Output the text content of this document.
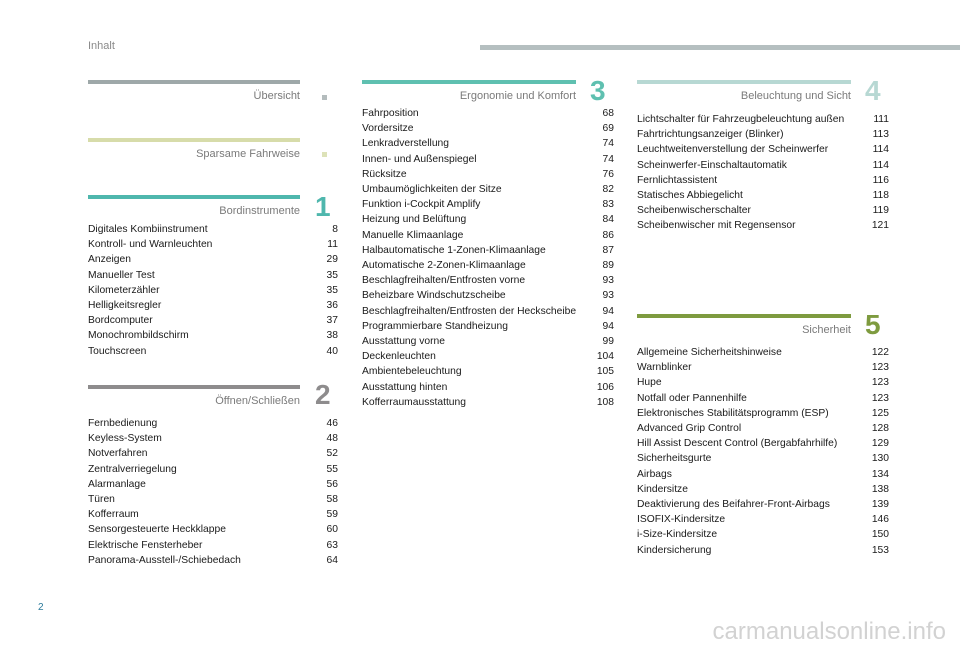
Inhalt
Übersicht
Sparsame Fahrweise
Bordinstrumente 1
Digitales Kombiinstrument	8
Kontroll- und Warnleuchten	11
Anzeigen	29
Manueller Test	35
Kilometerzähler	35
Helligkeitsregler	36
Bordcomputer	37
Monochrombildschirm	38
Touchscreen	40
Öffnen/Schließen 2
Fernbedienung	46
Keyless-System	48
Notverfahren	52
Zentralverriegelung	55
Alarmanlage	56
Türen	58
Kofferraum	59
Sensorgesteuerte Heckklappe	60
Elektrische Fensterheber	63
Panorama-Ausstell-/Schiebedach	64
Ergonomie und Komfort 3
Fahrposition	68
Vordersitze	69
Lenkradverstellung	74
Innen- und Außenspiegel	74
Rücksitze	76
Umbaumöglichkeiten der Sitze	82
Funktion i-Cockpit Amplify	83
Heizung und Belüftung	84
Manuelle Klimaanlage	86
Halbautomatische 1-Zonen-Klimaanlage	87
Automatische 2-Zonen-Klimaanlage	89
Beschlagfreihalten/Entfrosten vorne	93
Beheizbare Windschutzscheibe	93
Beschlagfreihalten/Entfrosten der Heckscheibe	94
Programmierbare Standheizung	94
Ausstattung vorne	99
Deckenleuchten	104
Ambientebeleuchtung	105
Ausstattung hinten	106
Kofferraumausstattung	108
Beleuchtung und Sicht 4
Lichtschalter für Fahrzeugbeleuchtung außen	111
Fahrtrichtungsanzeiger (Blinker)	113
Leuchtweitenverstellung der Scheinwerfer	114
Scheinwerfer-Einschaltautomatik	114
Fernlichtassistent	116
Statisches Abbiegelicht	118
Scheibenwischerschalter	119
Scheibenwischer mit Regensensor	121
Sicherheit 5
Allgemeine Sicherheitshinweise	122
Warnblinker	123
Hupe	123
Notfall oder Pannenhilfe	123
Elektronisches Stabilitätsprogramm (ESP)	125
Advanced Grip Control	128
Hill Assist Descent Control (Bergabfahrhilfe)	129
Sicherheitsgurte	130
Airbags	134
Kindersitze	138
Deaktivierung des Beifahrer-Front-Airbags	139
ISOFIX-Kindersitze	146
i-Size-Kindersitze	150
Kindersicherung	153
2
carmanualsonline.info
